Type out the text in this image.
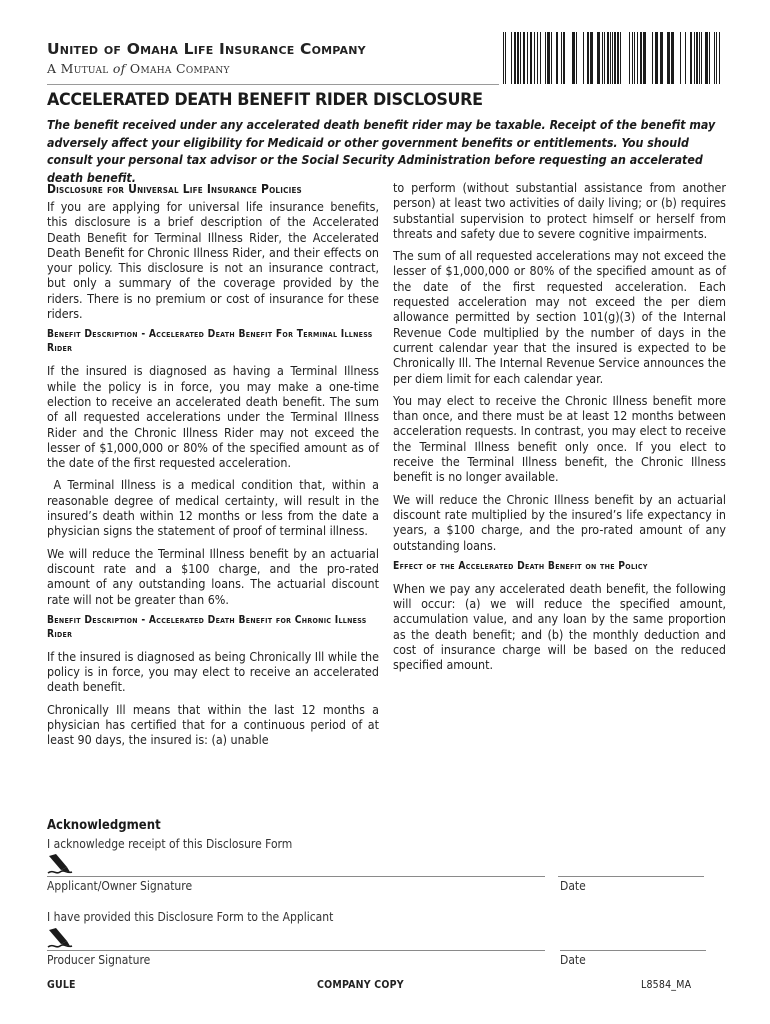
United of Omaha Life Insurance Company
A Mutual of Omaha Company
ACCELERATED DEATH BENEFIT RIDER DISCLOSURE
The benefit received under any accelerated death benefit rider may be taxable. Receipt of the benefit may adversely affect your eligibility for Medicaid or other government benefits or entitlements. You should consult your personal tax advisor or the Social Security Administration before requesting an accelerated death benefit.
Disclosure for Universal Life Insurance Policies

If you are applying for universal life insurance benefits, this disclosure is a brief description of the Accelerated Death Benefit for Terminal Illness Rider, the Accelerated Death Benefit for Chronic Illness Rider, and their effects on your policy. This disclosure is not an insurance contract, but only a summary of the coverage provided by the riders. There is no premium or cost of insurance for these riders.

Benefit Description - Accelerated Death Benefit For Terminal Illness Rider

If the insured is diagnosed as having a Terminal Illness while the policy is in force, you may make a one-time election to receive an accelerated death benefit. The sum of all requested accelerations under the Terminal Illness Rider and the Chronic Illness Rider may not exceed the lesser of $1,000,000 or 80% of the specified amount as of the date of the first requested acceleration.

A Terminal Illness is a medical condition that, within a reasonable degree of medical certainty, will result in the insured’s death within 12 months or less from the date a physician signs the statement of proof of terminal illness.

We will reduce the Terminal Illness benefit by an actuarial discount rate and a $100 charge, and the pro-rated amount of any outstanding loans. The actuarial discount rate will not be greater than 6%.

Benefit Description - Accelerated Death Benefit for Chronic Illness Rider

If the insured is diagnosed as being Chronically Ill while the policy is in force, you may elect to receive an accelerated death benefit.

Chronically Ill means that within the last 12 months a physician has certified that for a continuous period of at least 90 days, the insured is: (a) unable

to perform (without substantial assistance from another person) at least two activities of daily living; or (b) requires substantial supervision to protect himself or herself from threats and safety due to severe cognitive impairments.

The sum of all requested accelerations may not exceed the lesser of $1,000,000 or 80% of the specified amount as of the date of the first requested acceleration. Each requested acceleration may not exceed the per diem allowance permitted by section 101(g)(3) of the Internal Revenue Code multiplied by the number of days in the current calendar year that the insured is expected to be Chronically Ill. The Internal Revenue Service announces the per diem limit for each calendar year.

You may elect to receive the Chronic Illness benefit more than once, and there must be at least 12 months between acceleration requests. In contrast, you may elect to receive the Terminal Illness benefit only once. If you elect to receive the Terminal Illness benefit, the Chronic Illness benefit is no longer available.

We will reduce the Chronic Illness benefit by an actuarial discount rate multiplied by the insured’s life expectancy in years, a $100 charge, and the pro-rated amount of any outstanding loans.

Effect of the Accelerated Death Benefit on the Policy

When we pay any accelerated death benefit, the following will occur: (a) we will reduce the specified amount, accumulation value, and any loan by the same proportion as the death benefit; and (b) the monthly deduction and cost of insurance charge will be based on the reduced specified amount.

Acknowledgment
I acknowledge receipt of this Disclosure Form
Applicant/Owner Signature	Date
I have provided this Disclosure Form to the Applicant
Producer Signature	Date
GULE	COMPANY COPY	L8584_MA
